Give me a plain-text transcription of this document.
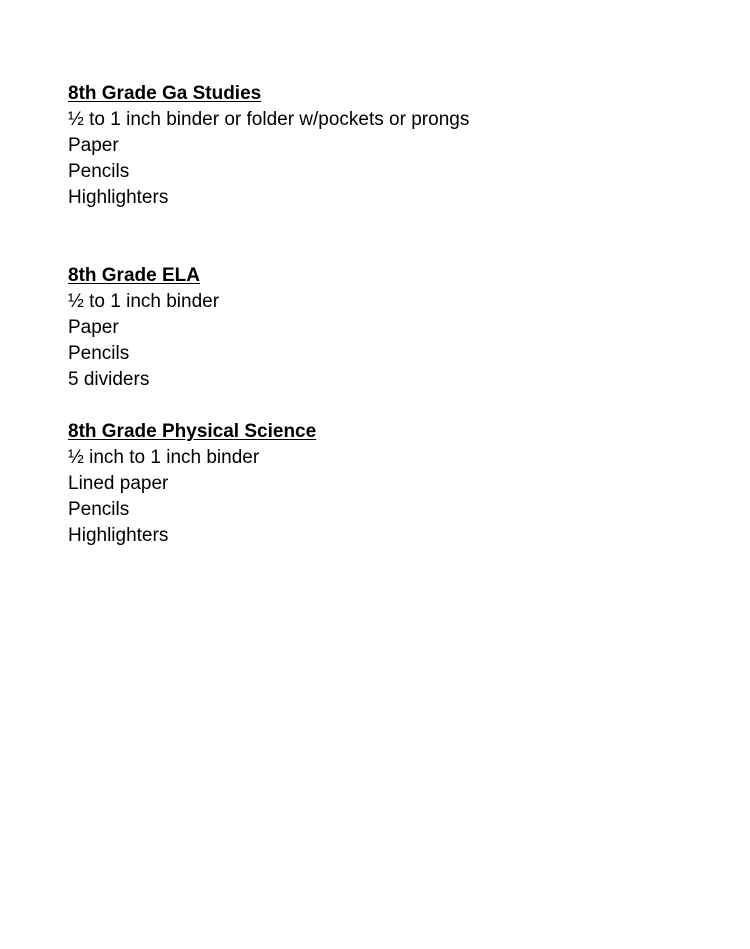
8th Grade Ga Studies
½ to 1 inch binder or folder w/pockets or prongs
Paper
Pencils
Highlighters
8th Grade ELA
½ to 1 inch binder
Paper
Pencils
5 dividers
8th Grade Physical Science
½ inch to 1 inch binder
Lined paper
Pencils
Highlighters
